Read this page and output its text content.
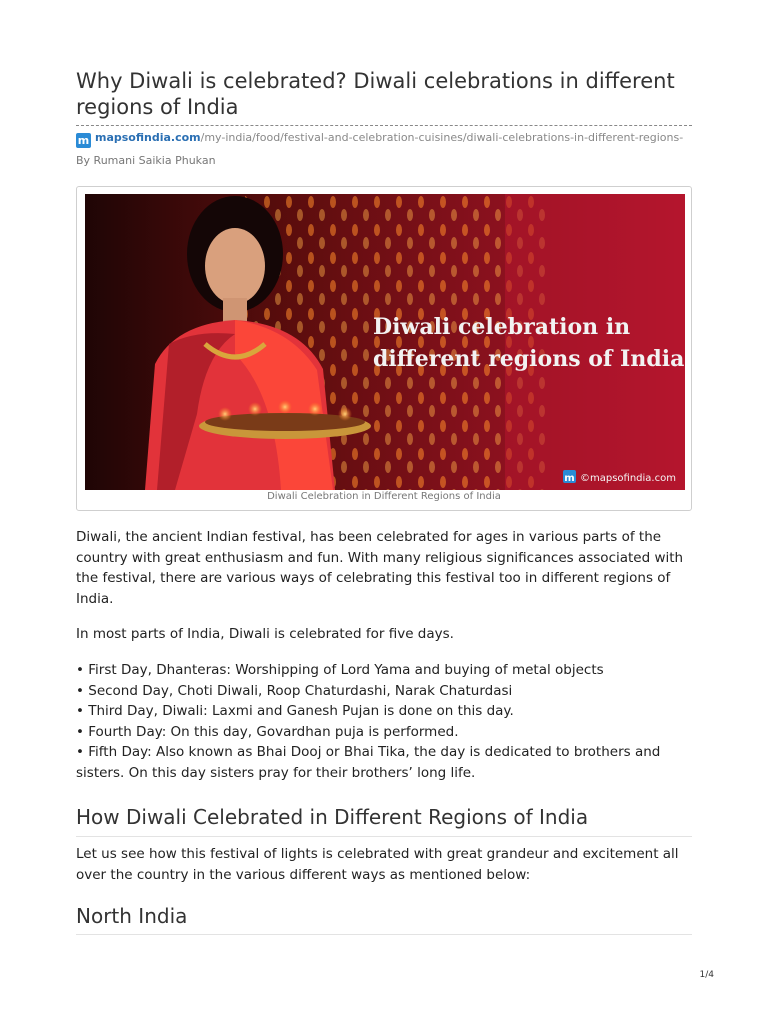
Why Diwali is celebrated? Diwali celebrations in different regions of India
m mapsofindia.com/my-india/food/festival-and-celebration-cuisines/diwali-celebrations-in-different-regions-
By Rumani Saikia Phukan
Diwali celebration in
different regions of India
m ©mapsofindia.com
Diwali Celebration in Different Regions of India

Diwali, the ancient Indian festival, has been celebrated for ages in various parts of the country with great enthusiasm and fun. With many religious significances associated with the festival, there are various ways of celebrating this festival too in different regions of India.

In most parts of India, Diwali is celebrated for five days.

• First Day, Dhanteras: Worshipping of Lord Yama and buying of metal objects

• Second Day, Choti Diwali, Roop Chaturdashi, Narak Chaturdasi

• Third Day, Diwali: Laxmi and Ganesh Pujan is done on this day.

• Fourth Day: On this day, Govardhan puja is performed.

• Fifth Day: Also known as Bhai Dooj or Bhai Tika, the day is dedicated to brothers and sisters. On this day sisters pray for their brothers’ long life.

How Diwali Celebrated in Different Regions of India

Let us see how this festival of lights is celebrated with great grandeur and excitement all over the country in the various different ways as mentioned below:

North India
1/4
